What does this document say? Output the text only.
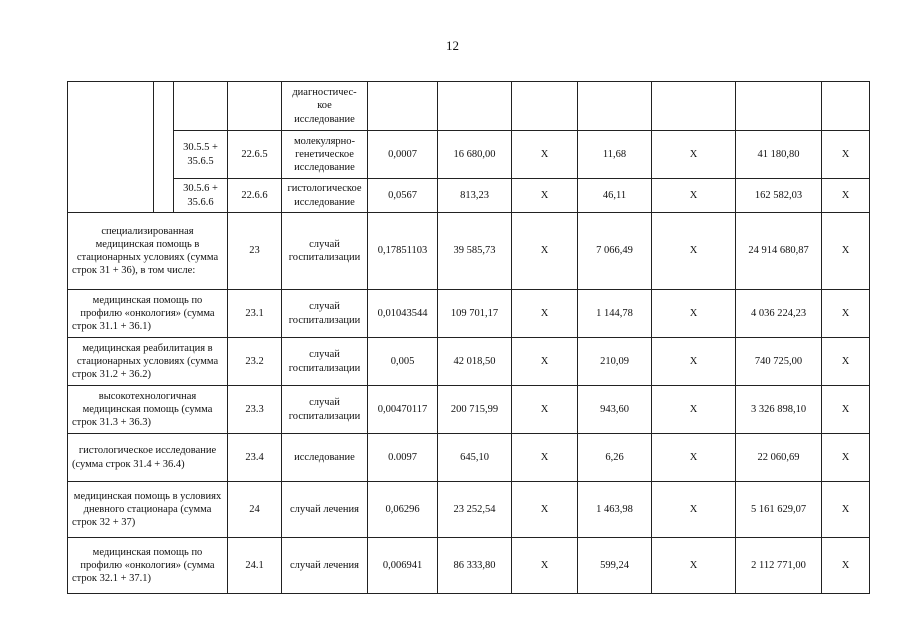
12
				диагностичес-кое исследование							
		30.5.5 + 35.6.5	22.6.5	молекулярно-генетическое исследование	0,0007	16 680,00	X	11,68	X	41 180,80	X
		30.5.6 + 35.6.6	22.6.6	гистологическое исследование	0,0567	813,23	X	46,11	X	162 582,03	X
специализированная медицинская помощь в стационарных условиях (сумма строк 31 + 36), в том числе:			23	случай госпитализации	0,17851103	39 585,73	X	7 066,49	X	24 914 680,87	X
медицинская помощь по профилю «онкология» (сумма строк 31.1 + 36.1)			23.1	случай госпитализации	0,01043544	109 701,17	X	1 144,78	X	4 036 224,23	X
медицинская реабилитация в стационарных условиях (сумма строк 31.2 + 36.2)			23.2	случай госпитализации	0,005	42 018,50	X	210,09	X	740 725,00	X
высокотехнологичная медицинская помощь (сумма строк 31.3 + 36.3)			23.3	случай госпитализации	0,00470117	200 715,99	X	943,60	X	3 326 898,10	X
гистологическое исследование (сумма строк 31.4 + 36.4)			23.4	исследование	0.0097	645,10	X	6,26	X	22 060,69	X
медицинская помощь в условиях дневного стационара (сумма строк 32 + 37)			24	случай лечения	0,06296	23 252,54	X	1 463,98	X	5 161 629,07	X
медицинская помощь по профилю «онкология» (сумма строк 32.1 + 37.1)			24.1	случай лечения	0,006941	86 333,80	X	599,24	X	2 112 771,00	X
